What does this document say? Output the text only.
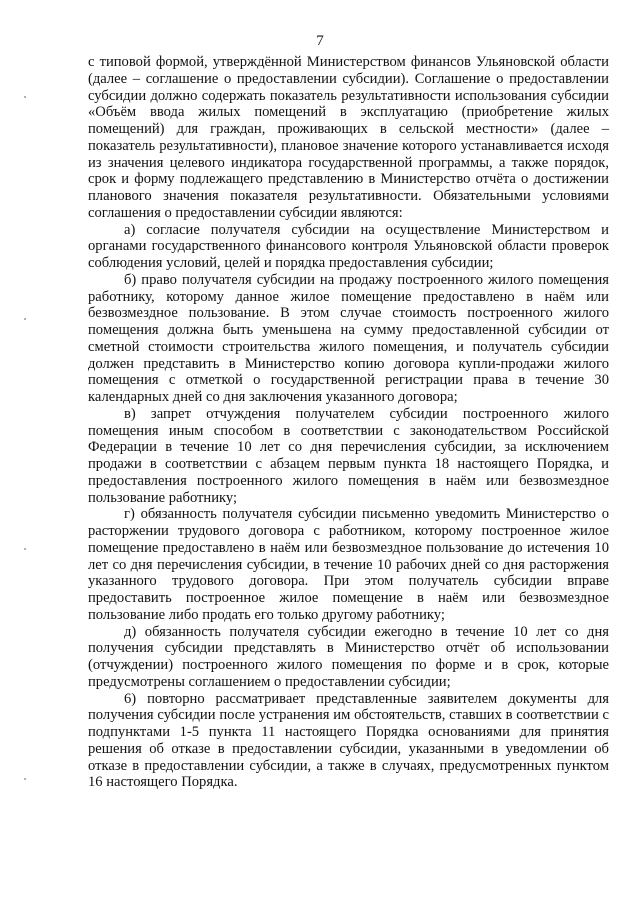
7

с типовой формой, утверждённой Министерством финансов Ульяновской области (далее – соглашение о предоставлении субсидии). Соглашение о предоставлении субсидии должно содержать показатель результативности использования субсидии «Объём ввода жилых помещений в эксплуатацию (приобретение жилых помещений) для граждан, проживающих в сельской местности» (далее – показатель результативности), плановое значение которого устанавливается исходя из значения целевого индикатора государственной программы, а также порядок, срок и форму подлежащего представлению в Министерство отчёта о достижении планового значения показателя результативности. Обязательными условиями соглашения о предоставлении субсидии являются:

а) согласие получателя субсидии на осуществление Министерством и органами государственного финансового контроля Ульяновской области проверок соблюдения условий, целей и порядка предоставления субсидии;

б) право получателя субсидии на продажу построенного жилого помещения работнику, которому данное жилое помещение предоставлено в наём или безвозмездное пользование. В этом случае стоимость построенного жилого помещения должна быть уменьшена на сумму предоставленной субсидии от сметной стоимости строительства жилого помещения, и получатель субсидии должен представить в Министерство копию договора купли-продажи жилого помещения с отметкой о государственной регистрации права в течение 30 календарных дней со дня заключения указанного договора;

в) запрет отчуждения получателем субсидии построенного жилого помещения иным способом в соответствии с законодательством Российской Федерации в течение 10 лет со дня перечисления субсидии, за исключением продажи в соответствии с абзацем первым пункта 18 настоящего Порядка, и предоставления построенного жилого помещения в наём или безвозмездное пользование работнику;

г) обязанность получателя субсидии письменно уведомить Министерство о расторжении трудового договора с работником, которому построенное жилое помещение предоставлено в наём или безвозмездное пользование до истечения 10 лет со дня перечисления субсидии, в течение 10 рабочих дней со дня расторжения указанного трудового договора. При этом получатель субсидии вправе предоставить построенное жилое помещение в наём или безвозмездное пользование либо продать его только другому работнику;

д) обязанность получателя субсидии ежегодно в течение 10 лет со дня получения субсидии представлять в Министерство отчёт об использовании (отчуждении) построенного жилого помещения по форме и в срок, которые предусмотрены соглашением о предоставлении субсидии;

6) повторно рассматривает представленные заявителем документы для получения субсидии после устранения им обстоятельств, ставших в соответствии с подпунктами 1-5 пункта 11 настоящего Порядка основаниями для принятия решения об отказе в предоставлении субсидии, указанными в уведомлении об отказе в предоставлении субсидии, а также в случаях, предусмотренных пунктом 16 настоящего Порядка.
